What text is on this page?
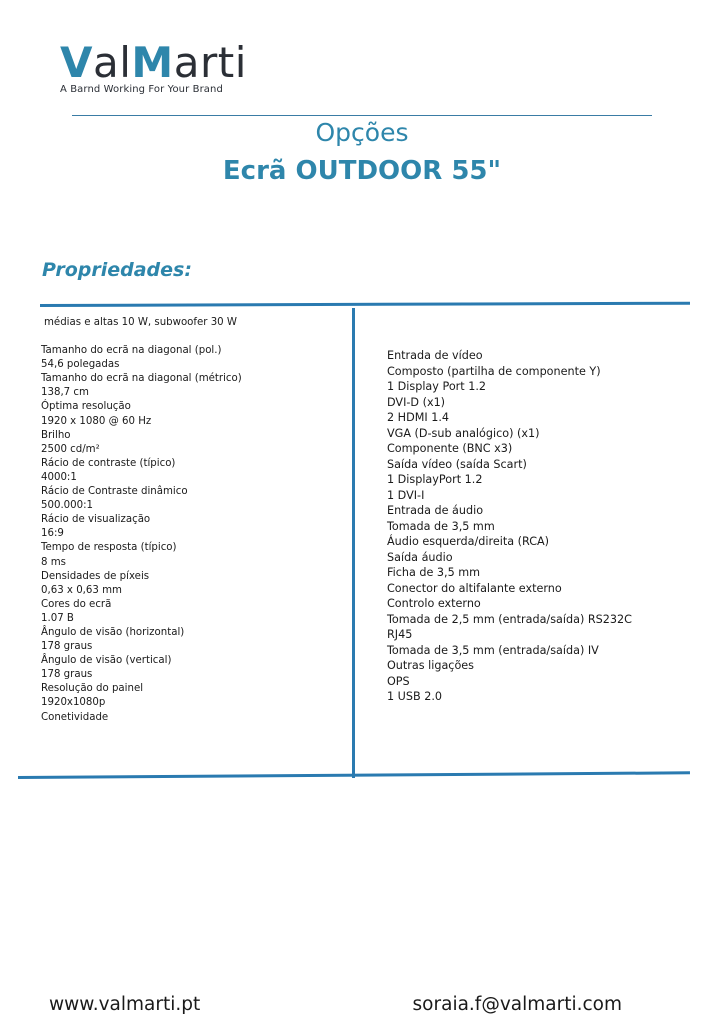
ValMarti
A Barnd Working For Your Brand
Opções
Ecrã OUTDOOR 55"
Propriedades:
médias e altas 10 W, subwoofer 30 W
Tamanho do ecrã na diagonal (pol.)
54,6 polegadas
Tamanho do ecrã na diagonal (métrico)
138,7 cm
Óptima resolução
1920 x 1080 @ 60 Hz
Brilho
2500 cd/m²
Rácio de contraste (típico)
4000:1
Rácio de Contraste dinâmico
500.000:1
Rácio de visualização
16:9
Tempo de resposta (típico)
8 ms
Densidades de píxeis
0,63 x 0,63 mm
Cores do ecrã
1.07 B
Ângulo de visão (horizontal)
178 graus
Ângulo de visão (vertical)
178 graus
Resolução do painel
1920x1080p
Conetividade
Entrada de vídeo
Composto (partilha de componente Y)
1 Display Port 1.2
DVI-D (x1)
2 HDMI 1.4
VGA (D-sub analógico) (x1)
Componente (BNC x3)
Saída vídeo (saída Scart)
1 DisplayPort 1.2
1 DVI-I
Entrada de áudio
Tomada de 3,5 mm
Áudio esquerda/direita (RCA)
Saída áudio
Ficha de 3,5 mm
Conector do altifalante externo
Controlo externo
Tomada de 2,5 mm (entrada/saída) RS232C
RJ45
Tomada de 3,5 mm (entrada/saída) IV
Outras ligações
OPS
1 USB 2.0
www.valmarti.pt	soraia.f@valmarti.com
